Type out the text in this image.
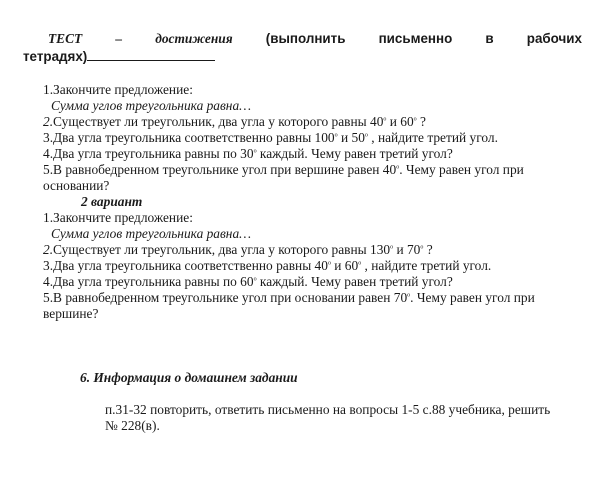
ТЕСТ – достижения (выполнить письменно в рабочих
тетрадях)
1.Закончите предложение:
Сумма углов треугольника равна…
2.Существует ли треугольник, два угла у которого равны $40^о$ и $60^о$ ?
3.Два угла треугольника соответственно равны $100^о$ и $50^о$ , найдите третий угол.
4.Два угла треугольника равны по $30^о$ каждый. Чему равен третий угол?
5.В равнобедренном треугольнике угол при вершине равен $40^о$. Чему равен угол при
основании?
2 вариант
1.Закончите предложение:
Сумма углов треугольника равна…
2.Существует ли треугольник, два угла у которого равны $130^о$ и $70^о$ ?
3.Два угла треугольника соответственно равны $40^о$ и $60^о$ , найдите третий угол.
4.Два угла треугольника равны по $60^о$ каждый. Чему равен третий угол?
5.В равнобедренном треугольнике угол при основании равен $70^о$. Чему равен угол при
вершине?
6. Информация о домашнем задании
п.31-32 повторить, ответить письменно на вопросы 1-5 с.88 учебника, решить
№ 228(в).
